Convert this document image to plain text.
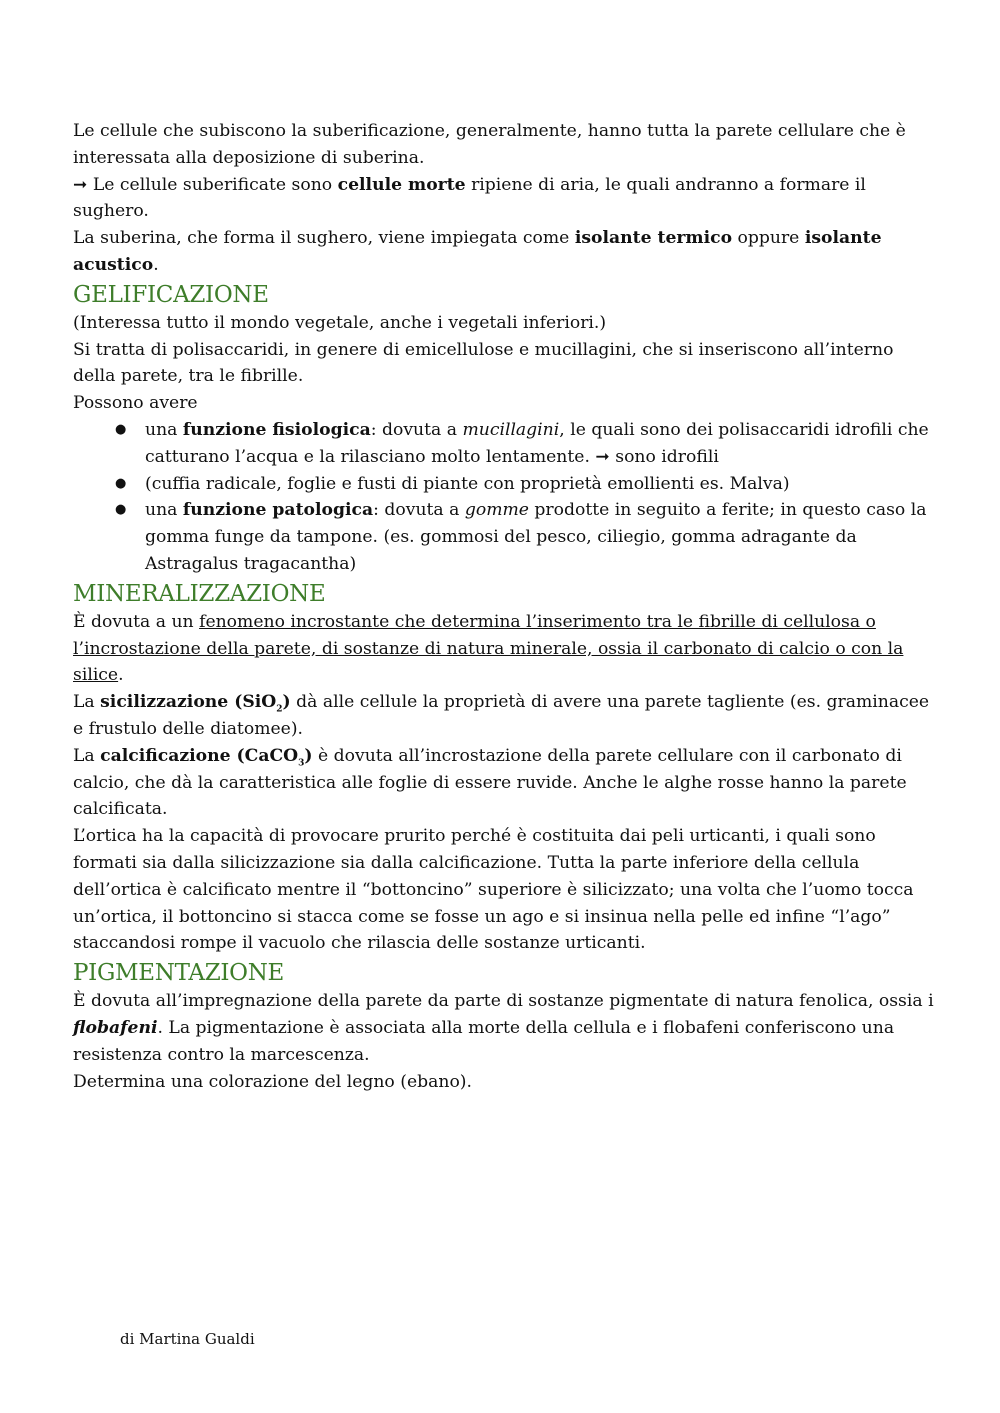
Le cellule che subiscono la suberificazione, generalmente, hanno tutta la parete cellulare che è interessata alla deposizione di suberina.

➞ Le cellule suberificate sono cellule morte ripiene di aria, le quali andranno a formare il sughero.

La suberina, che forma il sughero, viene impiegata come isolante termico oppure isolante acustico.

GELIFICAZIONE

(Interessa tutto il mondo vegetale, anche i vegetali inferiori.)

Si tratta di polisaccaridi, in genere di emicellulose e mucillagini, che si inseriscono all’interno della parete, tra le fibrille.

Possono avere

● una funzione fisiologica: dovuta a mucillagini, le quali sono dei polisaccaridi idrofili che catturano l’acqua e la rilasciano molto lentamente. ➞ sono idrofili
● (cuffia radicale, foglie e fusti di piante con proprietà emollienti es. Malva)
● una funzione patologica: dovuta a gomme prodotte in seguito a ferite; in questo caso la gomma funge da tampone. (es. gommosi del pesco, ciliegio, gomma adragante da Astragalus tragacantha)
MINERALIZZAZIONE

È dovuta a un fenomeno incrostante che determina l’inserimento tra le fibrille di cellulosa o l’incrostazione della parete, di sostanze di natura minerale, ossia il carbonato di calcio o con la silice.

La sicilizzazione (SiO$_2$) dà alle cellule la proprietà di avere una parete tagliente (es. graminacee e frustulo delle diatomee).

La calcificazione (CaCO$_3$) è dovuta all’incrostazione della parete cellulare con il carbonato di calcio, che dà la caratteristica alle foglie di essere ruvide. Anche le alghe rosse hanno la parete calcificata.

L’ortica ha la capacità di provocare prurito perché è costituita dai peli urticanti, i quali sono formati sia dalla silicizzazione sia dalla calcificazione. Tutta la parte inferiore della cellula dell’ortica è calcificato mentre il “bottoncino” superiore è silicizzato; una volta che l’uomo tocca un’ortica, il bottoncino si stacca come se fosse un ago e si insinua nella pelle ed infine “l’ago” staccandosi rompe il vacuolo che rilascia delle sostanze urticanti.

PIGMENTAZIONE

È dovuta all’impregnazione della parete da parte di sostanze pigmentate di natura fenolica, ossia i flobafeni. La pigmentazione è associata alla morte della cellula e i flobafeni conferiscono una resistenza contro la marcescenza.

Determina una colorazione del legno (ebano).

di Martina Gualdi
